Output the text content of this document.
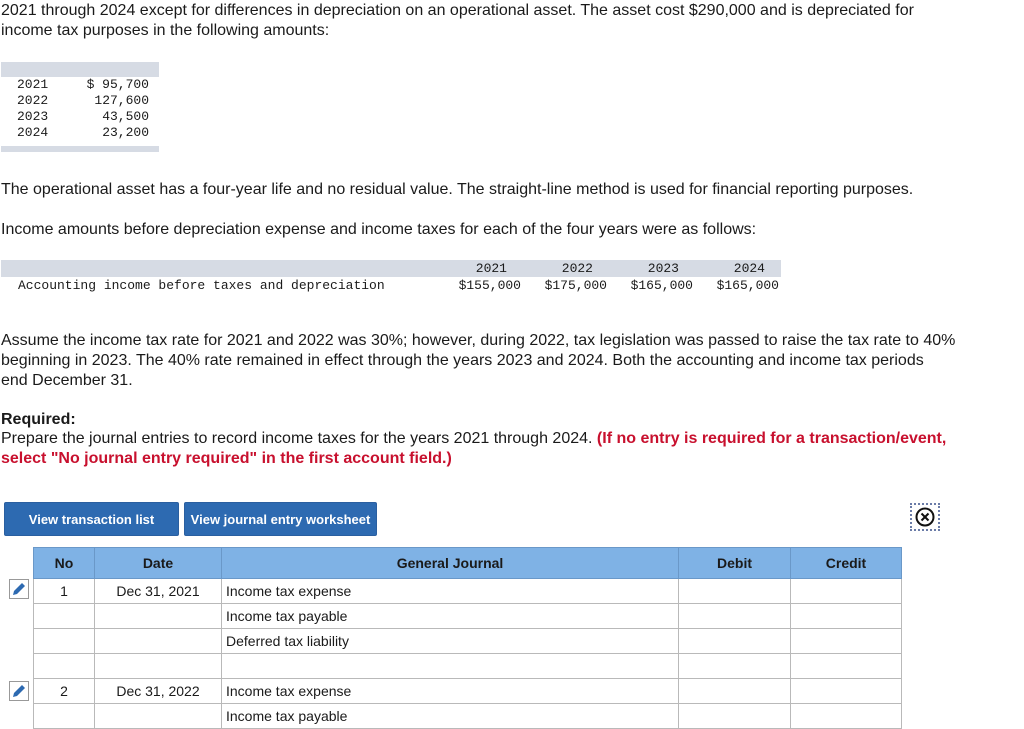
2021 through 2024 except for differences in depreciation on an operational asset. The asset cost $290,000 and is depreciated for

income tax purposes in the following amounts:

2021	$ 95,700
2022	127,600
2023	43,500
2024	23,200

The operational asset has a four-year life and no residual value. The straight-line method is used for financial reporting purposes.

Income amounts before depreciation expense and income taxes for each of the four years were as follows:

2021	2022	2023	2024
Accounting income before taxes and depreciation	$155,000	$175,000	$165,000	$165,000

Assume the income tax rate for 2021 and 2022 was 30%; however, during 2022, tax legislation was passed to raise the tax rate to 40%

beginning in 2023. The 40% rate remained in effect through the years 2023 and 2024. Both the accounting and income tax periods

end December 31.

Required:

Prepare the journal entries to record income taxes for the years 2021 through 2024. (If no entry is required for a transaction/event,

select "No journal entry required" in the first account field.)

View transaction list	View journal entry worksheet
No	Date	General Journal	Debit	Credit
1	Dec 31, 2021	Income tax expense		
		Income tax payable		
		Deferred tax liability		

2	Dec 31, 2022	Income tax expense		
		Income tax payable		
